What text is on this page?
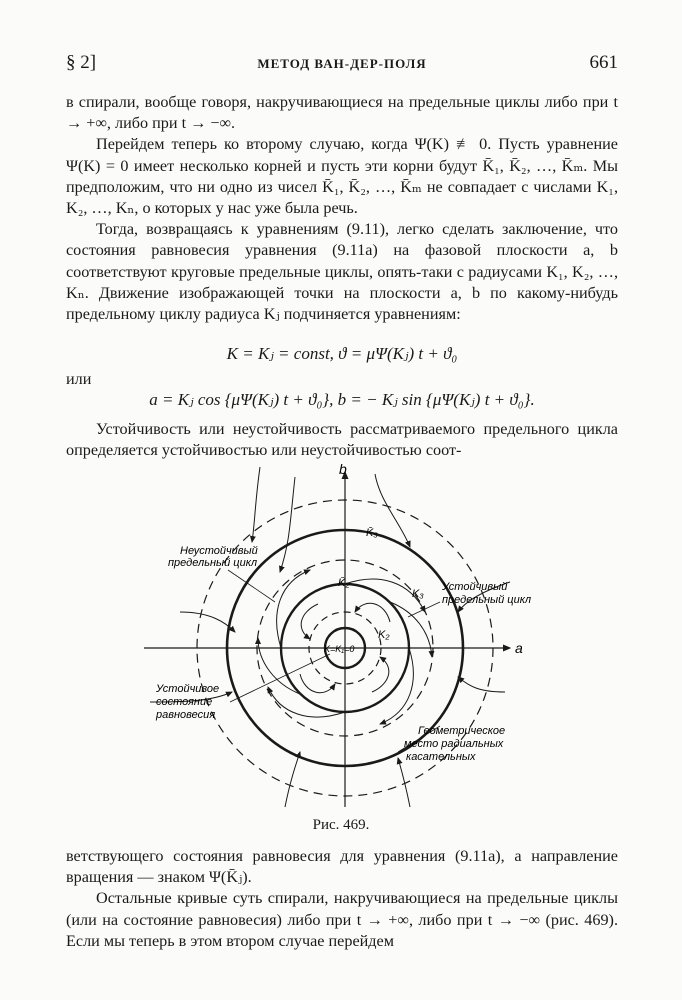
§ 2]	МЕТОД ВАН-ДЕР-ПОЛЯ	661

в спирали, вообще говоря, накручивающиеся на предельные циклы либо при t → +∞, либо при t → −∞.

Перейдем теперь ко второму случаю, когда Ψ(K) ≢ 0. Пусть уравнение Ψ(K) = 0 имеет несколько корней и пусть эти корни будут K̄₁, K̄₂, …, K̄ₘ. Мы предположим, что ни одно из чисел K̄₁, K̄₂, …, K̄ₘ не совпадает с числами K₁, K₂, …, Kₙ, о которых у нас уже была речь.

Тогда, возвращаясь к уравнениям (9.11), легко сделать заключение, что состояния равновесия уравнения (9.11а) на фазовой плоскости a, b соответствуют круговые предельные циклы, опять-таки с радиусами K₁, K₂, …, Kₙ. Движение изображающей точки на плоскости a, b по какому-нибудь предельному циклу радиуса Kⱼ подчиняется уравнениям:

K = Kⱼ = const, ϑ = μΨ(Kⱼ) t + ϑ₀
или
a = Kⱼ cos {μΨ(Kⱼ) t + ϑ₀}, b = − Kⱼ sin {μΨ(Kⱼ) t + ϑ₀}.

Устойчивость или неустойчивость рассматриваемого предельного цикла определяется устойчивостью или неустойчивостью соот-

a
b
Неустойчивый
предельный цикл
Устойчивый
предельный цикл
Устойчивое
состояние
равновесия
Геометрическое
место радиальных
касательных
K̄₃
K̄₂
K₃
K₂
K=K₁=0
Рис. 469.

ветствующего состояния равновесия для уравнения (9.11а), а направление вращения — знаком Ψ(K̄ⱼ).

Остальные кривые суть спирали, накручивающиеся на предельные циклы (или на состояние равновесия) либо при t → +∞, либо при t → −∞ (рис. 469). Если мы теперь в этом втором случае перейдем
